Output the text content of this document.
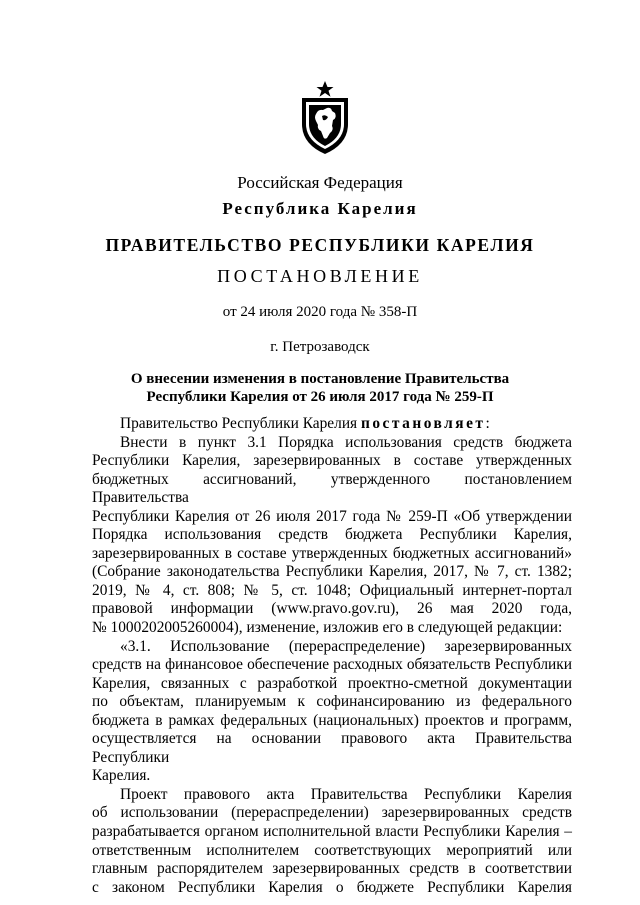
Российская Федерация
Республика Карелия
ПРАВИТЕЛЬСТВО РЕСПУБЛИКИ КАРЕЛИЯ
ПОСТАНОВЛЕНИЕ
от 24 июля 2020 года № 358-П
г. Петрозаводск
О внесении изменения в постановление Правительства
Республики Карелия от 26 июля 2017 года № 259-П
Правительство Республики Карелия постановляет:
Внести в пункт 3.1 Порядка использования средств бюджета
Республики Карелия, зарезервированных в составе утвержденных
бюджетных ассигнований, утвержденного постановлением Правительства
Республики Карелия от 26 июля 2017 года № 259-П «Об утверждении
Порядка использования средств бюджета Республики Карелия,
зарезервированных в составе утвержденных бюджетных ассигнований»
(Собрание законодательства Республики Карелия, 2017, № 7, ст. 1382;
2019, № 4, ст. 808; № 5, ст. 1048; Официальный интернет-портал
правовой информации (www.pravo.gov.ru), 26 мая 2020 года,
№ 1000202005260004), изменение, изложив его в следующей редакции:
«3.1. Использование (перераспределение) зарезервированных
средств на финансовое обеспечение расходных обязательств Республики
Карелия, связанных с разработкой проектно-сметной документации
по объектам, планируемым к софинансированию из федерального
бюджета в рамках федеральных (национальных) проектов и программ,
осуществляется на основании правового акта Правительства Республики
Карелия.
Проект правового акта Правительства Республики Карелия
об использовании (перераспределении) зарезервированных средств
разрабатывается органом исполнительной власти Республики Карелия –
ответственным исполнителем соответствующих мероприятий или
главным распорядителем зарезервированных средств в соответствии
с законом Республики Карелия о бюджете Республики Карелия
